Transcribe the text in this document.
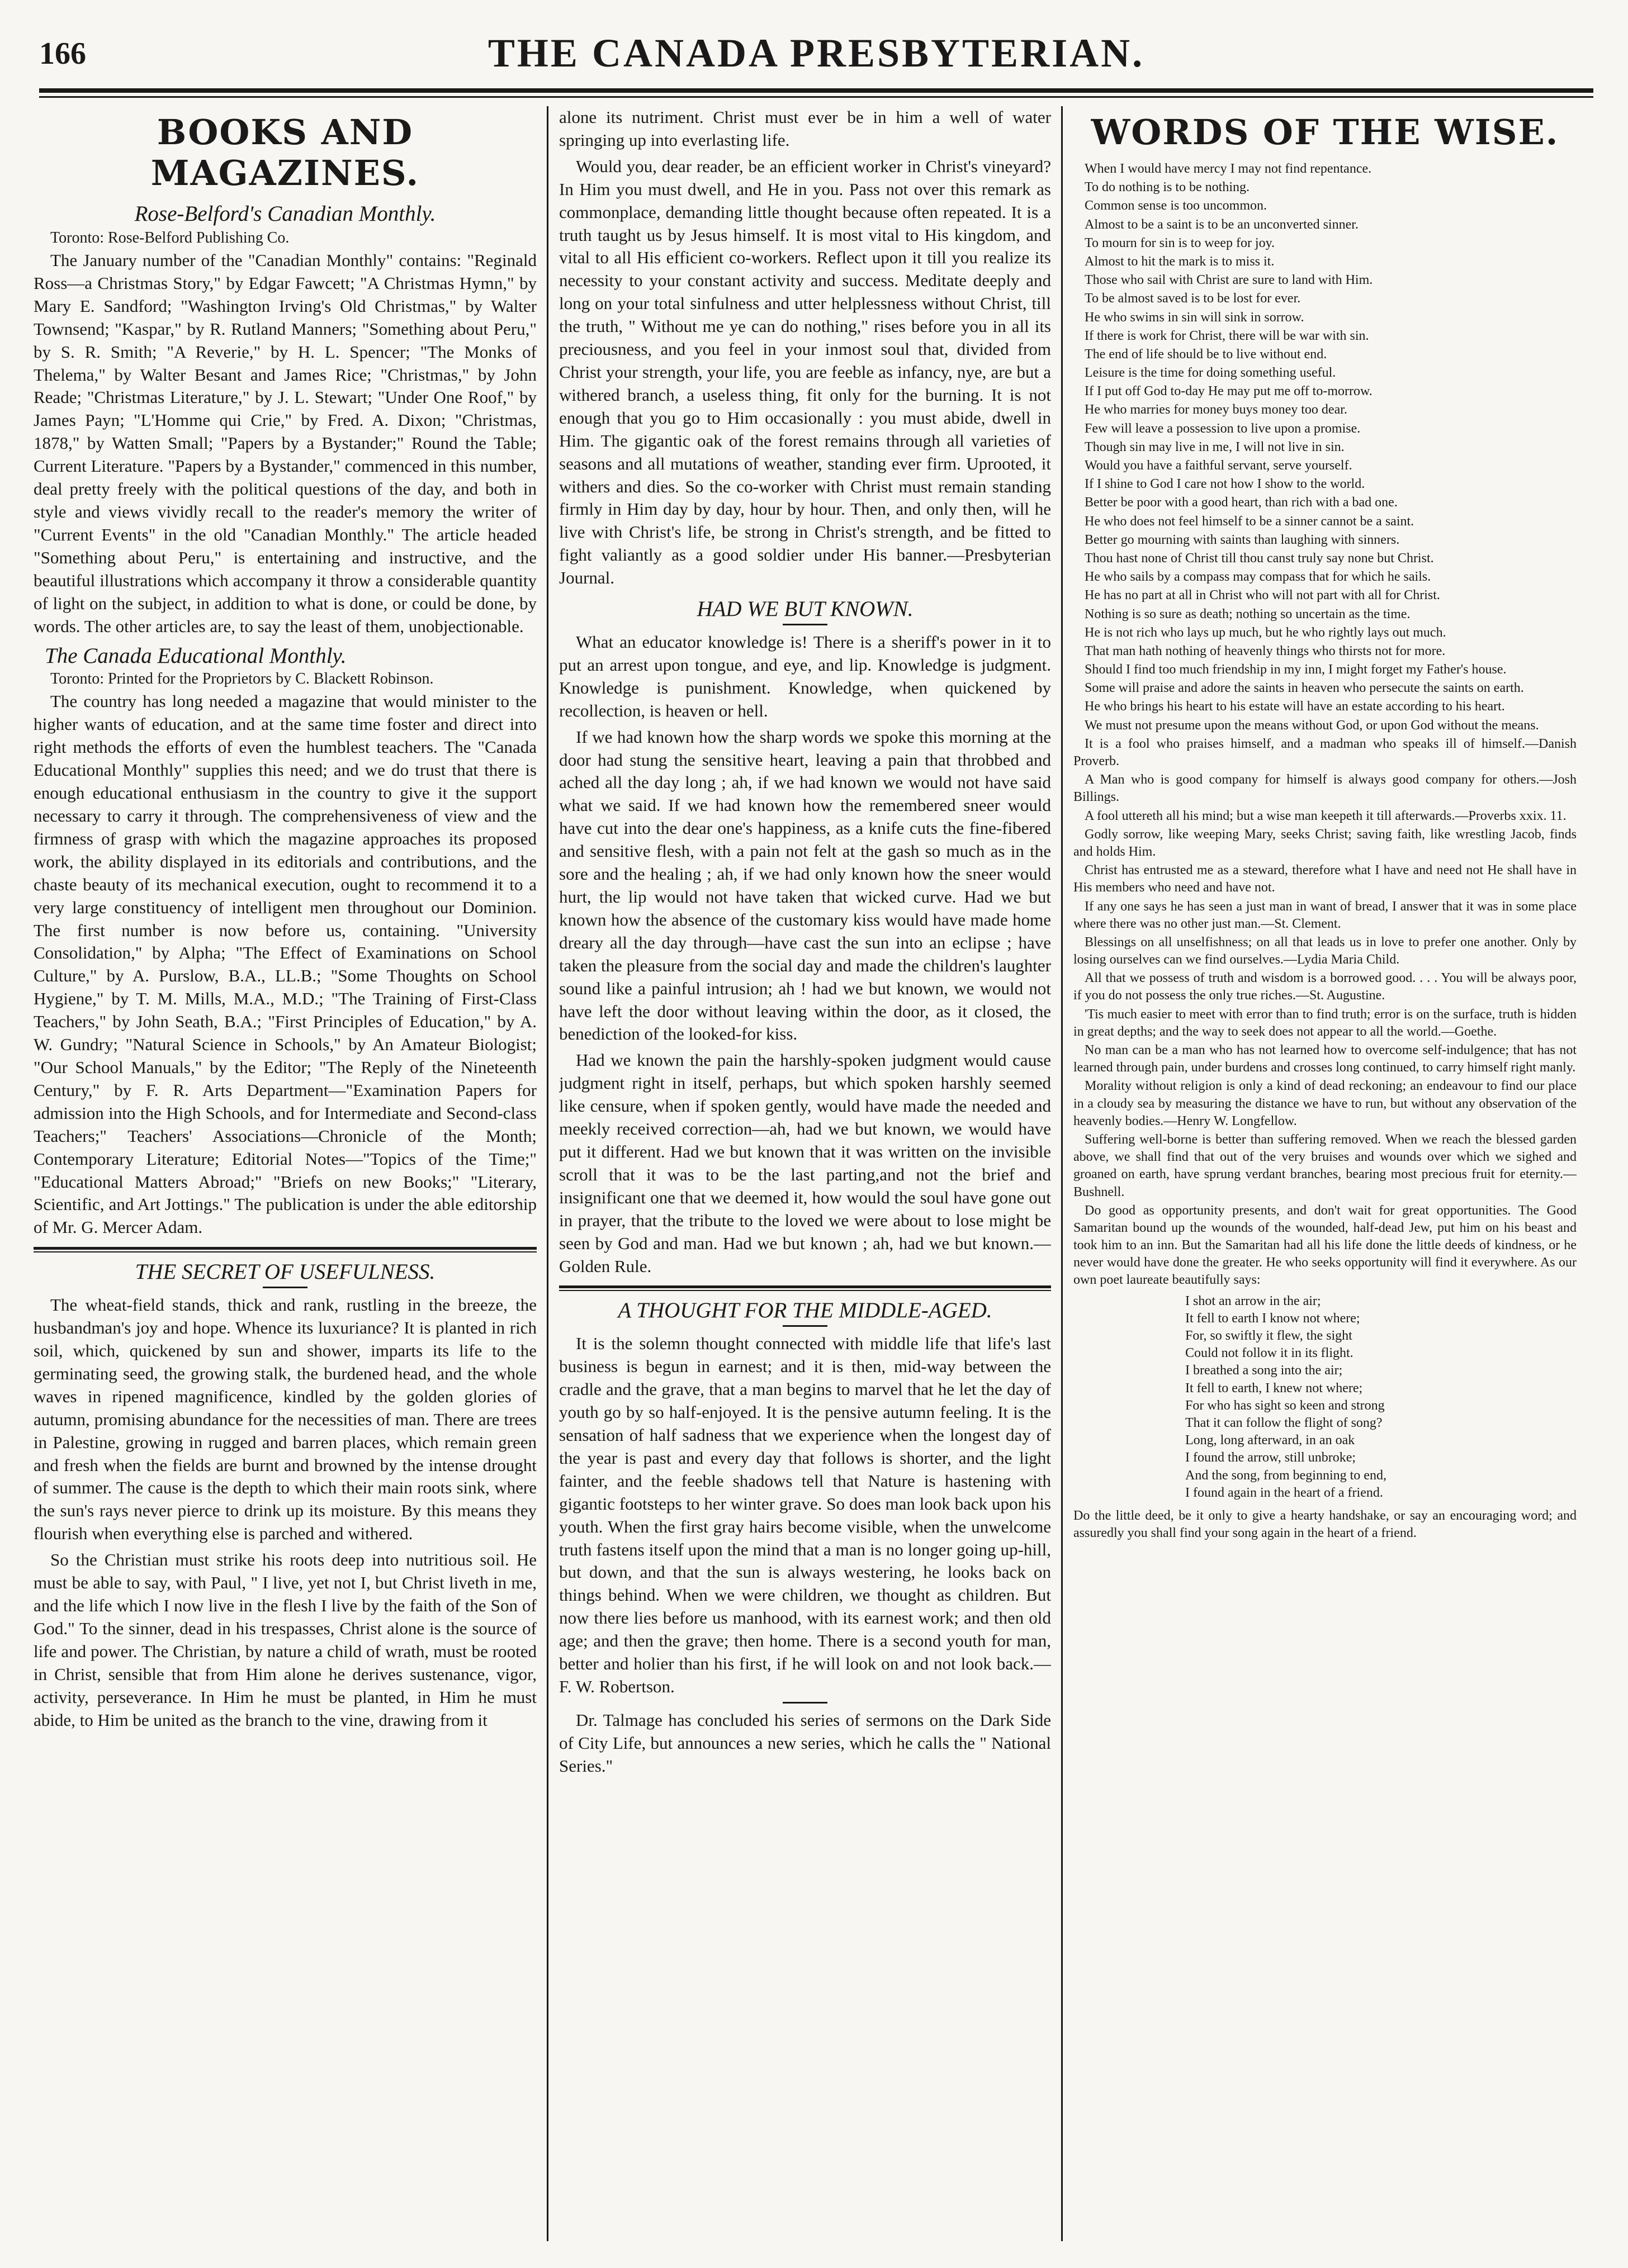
166	THE CANADA PRESBYTERIAN.
BOOKS AND MAGAZINES.
Rose-Belford's Canadian Monthly.
Toronto: Rose-Belford Publishing Co.

The January number of the "Canadian Monthly" contains: "Reginald Ross—a Christmas Story," by Edgar Fawcett; "A Christmas Hymn," by Mary E. Sandford; "Washington Irving's Old Christmas," by Walter Townsend; "Kaspar," by R. Rutland Manners; "Something about Peru," by S. R. Smith; "A Reverie," by H. L. Spencer; "The Monks of Thelema," by Walter Besant and James Rice; "Christmas," by John Reade; "Christmas Literature," by J. L. Stewart; "Under One Roof," by James Payn; "L'Homme qui Crie," by Fred. A. Dixon; "Christmas, 1878," by Watten Small; "Papers by a Bystander;" Round the Table; Current Literature. "Papers by a Bystander," commenced in this number, deal pretty freely with the political questions of the day, and both in style and views vividly recall to the reader's memory the writer of "Current Events" in the old "Canadian Monthly." The article headed "Something about Peru," is entertaining and instructive, and the beautiful illustrations which accompany it throw a considerable quantity of light on the subject, in addition to what is done, or could be done, by words. The other articles are, to say the least of them, unobjectionable.

The Canada Educational Monthly.
Toronto: Printed for the Proprietors by C. Blackett Robinson.

The country has long needed a magazine that would minister to the higher wants of education, and at the same time foster and direct into right methods the efforts of even the humblest teachers. The "Canada Educational Monthly" supplies this need; and we do trust that there is enough educational enthusiasm in the country to give it the support necessary to carry it through. The comprehensiveness of view and the firmness of grasp with which the magazine approaches its proposed work, the ability displayed in its editorials and contributions, and the chaste beauty of its mechanical execution, ought to recommend it to a very large constituency of intelligent men throughout our Dominion. The first number is now before us, containing. "University Consolidation," by Alpha; "The Effect of Examinations on School Culture," by A. Purslow, B.A., LL.B.; "Some Thoughts on School Hygiene," by T. M. Mills, M.A., M.D.; "The Training of First-Class Teachers," by John Seath, B.A.; "First Principles of Education," by A. W. Gundry; "Natural Science in Schools," by An Amateur Biologist; "Our School Manuals," by the Editor; "The Reply of the Nineteenth Century," by F. R. Arts Department—"Examination Papers for admission into the High Schools, and for Intermediate and Second-class Teachers;" Teachers' Associations—Chronicle of the Month; Contemporary Literature; Editorial Notes—"Topics of the Time;" "Educational Matters Abroad;" "Briefs on new Books;" "Literary, Scientific, and Art Jottings." The publication is under the able editorship of Mr. G. Mercer Adam.

THE SECRET OF USEFULNESS.

The wheat-field stands, thick and rank, rustling in the breeze, the husbandman's joy and hope. Whence its luxuriance? It is planted in rich soil, which, quickened by sun and shower, imparts its life to the germinating seed, the growing stalk, the burdened head, and the whole waves in ripened magnificence, kindled by the golden glories of autumn, promising abundance for the necessities of man. There are trees in Palestine, growing in rugged and barren places, which remain green and fresh when the fields are burnt and browned by the intense drought of summer. The cause is the depth to which their main roots sink, where the sun's rays never pierce to drink up its moisture. By this means they flourish when everything else is parched and withered.

So the Christian must strike his roots deep into nutritious soil. He must be able to say, with Paul, " I live, yet not I, but Christ liveth in me, and the life which I now live in the flesh I live by the faith of the Son of God." To the sinner, dead in his trespasses, Christ alone is the source of life and power. The Christian, by nature a child of wrath, must be rooted in Christ, sensible that from Him alone he derives sustenance, vigor, activity, perseverance. In Him he must be planted, in Him he must abide, to Him be united as the branch to the vine, drawing from it

alone its nutriment. Christ must ever be in him a well of water springing up into everlasting life.

Would you, dear reader, be an efficient worker in Christ's vineyard? In Him you must dwell, and He in you. Pass not over this remark as commonplace, demanding little thought because often repeated. It is a truth taught us by Jesus himself. It is most vital to His kingdom, and vital to all His efficient co-workers. Reflect upon it till you realize its necessity to your constant activity and success. Meditate deeply and long on your total sinfulness and utter helplessness without Christ, till the truth, " Without me ye can do nothing," rises before you in all its preciousness, and you feel in your inmost soul that, divided from Christ your strength, your life, you are feeble as infancy, nye, are but a withered branch, a useless thing, fit only for the burning. It is not enough that you go to Him occasionally : you must abide, dwell in Him. The gigantic oak of the forest remains through all varieties of seasons and all mutations of weather, standing ever firm. Uprooted, it withers and dies. So the co-worker with Christ must remain standing firmly in Him day by day, hour by hour. Then, and only then, will he live with Christ's life, be strong in Christ's strength, and be fitted to fight valiantly as a good soldier under His banner.—Presbyterian Journal.

HAD WE BUT KNOWN.

What an educator knowledge is! There is a sheriff's power in it to put an arrest upon tongue, and eye, and lip. Knowledge is judgment. Knowledge is punishment. Knowledge, when quickened by recollection, is heaven or hell.

If we had known how the sharp words we spoke this morning at the door had stung the sensitive heart, leaving a pain that throbbed and ached all the day long ; ah, if we had known we would not have said what we said. If we had known how the remembered sneer would have cut into the dear one's happiness, as a knife cuts the fine-fibered and sensitive flesh, with a pain not felt at the gash so much as in the sore and the healing ; ah, if we had only known how the sneer would hurt, the lip would not have taken that wicked curve. Had we but known how the absence of the customary kiss would have made home dreary all the day through—have cast the sun into an eclipse ; have taken the pleasure from the social day and made the children's laughter sound like a painful intrusion; ah ! had we but known, we would not have left the door without leaving within the door, as it closed, the benediction of the looked-for kiss.

Had we known the pain the harshly-spoken judgment would cause judgment right in itself, perhaps, but which spoken harshly seemed like censure, when if spoken gently, would have made the needed and meekly received correction—ah, had we but known, we would have put it different. Had we but known that it was written on the invisible scroll that it was to be the last parting,and not the brief and insignificant one that we deemed it, how would the soul have gone out in prayer, that the tribute to the loved we were about to lose might be seen by God and man. Had we but known ; ah, had we but known.—Golden Rule.

A THOUGHT FOR THE MIDDLE-AGED.

It is the solemn thought connected with middle life that life's last business is begun in earnest; and it is then, mid-way between the cradle and the grave, that a man begins to marvel that he let the day of youth go by so half-enjoyed. It is the pensive autumn feeling. It is the sensation of half sadness that we experience when the longest day of the year is past and every day that follows is shorter, and the light fainter, and the feeble shadows tell that Nature is hastening with gigantic footsteps to her winter grave. So does man look back upon his youth. When the first gray hairs become visible, when the unwelcome truth fastens itself upon the mind that a man is no longer going up-hill, but down, and that the sun is always westering, he looks back on things behind. When we were children, we thought as children. But now there lies before us manhood, with its earnest work; and then old age; and then the grave; then home. There is a second youth for man, better and holier than his first, if he will look on and not look back.—F. W. Robertson.

Dr. Talmage has concluded his series of sermons on the Dark Side of City Life, but announces a new series, which he calls the " National Series."

WORDS OF THE WISE.

When I would have mercy I may not find repentance.

To do nothing is to be nothing.

Common sense is too uncommon.

Almost to be a saint is to be an unconverted sinner.

To mourn for sin is to weep for joy.

Almost to hit the mark is to miss it.

Those who sail with Christ are sure to land with Him.

To be almost saved is to be lost for ever.

He who swims in sin will sink in sorrow.

If there is work for Christ, there will be war with sin.

The end of life should be to live without end.

Leisure is the time for doing something useful.

If I put off God to-day He may put me off to-morrow.

He who marries for money buys money too dear.

Few will leave a possession to live upon a promise.

Though sin may live in me, I will not live in sin.

Would you have a faithful servant, serve yourself.

If I shine to God I care not how I show to the world.

Better be poor with a good heart, than rich with a bad one.

He who does not feel himself to be a sinner cannot be a saint.

Better go mourning with saints than laughing with sinners.

Thou hast none of Christ till thou canst truly say none but Christ.

He who sails by a compass may compass that for which he sails.

He has no part at all in Christ who will not part with all for Christ.

Nothing is so sure as death; nothing so uncertain as the time.

He is not rich who lays up much, but he who rightly lays out much.

That man hath nothing of heavenly things who thirsts not for more.

Should I find too much friendship in my inn, I might forget my Father's house.

Some will praise and adore the saints in heaven who persecute the saints on earth.

He who brings his heart to his estate will have an estate according to his heart.

We must not presume upon the means without God, or upon God without the means.

It is a fool who praises himself, and a madman who speaks ill of himself.—Danish Proverb.

A Man who is good company for himself is always good company for others.—Josh Billings.

A fool uttereth all his mind; but a wise man keepeth it till afterwards.—Proverbs xxix. 11.

Godly sorrow, like weeping Mary, seeks Christ; saving faith, like wrestling Jacob, finds and holds Him.

Christ has entrusted me as a steward, therefore what I have and need not He shall have in His members who need and have not.

If any one says he has seen a just man in want of bread, I answer that it was in some place where there was no other just man.—St. Clement.

Blessings on all unselfishness; on all that leads us in love to prefer one another. Only by losing ourselves can we find ourselves.—Lydia Maria Child.

All that we possess of truth and wisdom is a borrowed good. . . . You will be always poor, if you do not possess the only true riches.—St. Augustine.

'Tis much easier to meet with error than to find truth; error is on the surface, truth is hidden in great depths; and the way to seek does not appear to all the world.—Goethe.

No man can be a man who has not learned how to overcome self-indulgence; that has not learned through pain, under burdens and crosses long continued, to carry himself right manly.

Morality without religion is only a kind of dead reckoning; an endeavour to find our place in a cloudy sea by measuring the distance we have to run, but without any observation of the heavenly bodies.—Henry W. Longfellow.

Suffering well-borne is better than suffering removed. When we reach the blessed garden above, we shall find that out of the very bruises and wounds over which we sighed and groaned on earth, have sprung verdant branches, bearing most precious fruit for eternity.—Bushnell.

Do good as opportunity presents, and don't wait for great opportunities. The Good Samaritan bound up the wounds of the wounded, half-dead Jew, put him on his beast and took him to an inn. But the Samaritan had all his life done the little deeds of kindness, or he never would have done the greater. He who seeks opportunity will find it everywhere. As our own poet laureate beautifully says:

I shot an arrow in the air;
It fell to earth I know not where;
For, so swiftly it flew, the sight
Could not follow it in its flight.
I breathed a song into the air;
It fell to earth, I knew not where;
For who has sight so keen and strong
That it can follow the flight of song?
Long, long afterward, in an oak
I found the arrow, still unbroke;
And the song, from beginning to end,
I found again in the heart of a friend.

Do the little deed, be it only to give a hearty handshake, or say an encouraging word; and assuredly you shall find your song again in the heart of a friend.
